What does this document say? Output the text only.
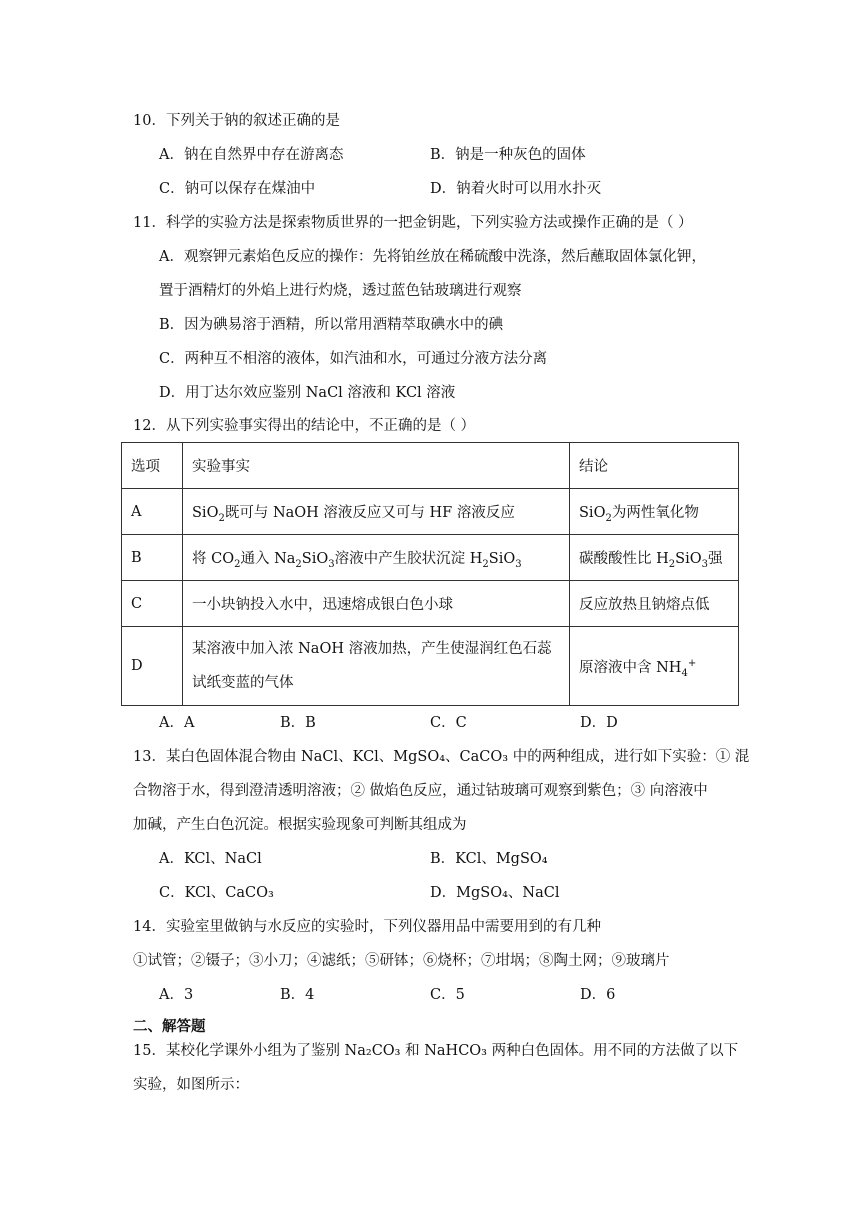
10．下列关于钠的叙述正确的是
A．钠在自然界中存在游离态	B．钠是一种灰色的固体
C．钠可以保存在煤油中	D．钠着火时可以用水扑灭
11．科学的实验方法是探索物质世界的一把金钥匙，下列实验方法或操作正确的是（ ）
A．观察钾元素焰色反应的操作：先将铂丝放在稀硫酸中洗涤，然后蘸取固体氯化钾，
置于酒精灯的外焰上进行灼烧，透过蓝色钴玻璃进行观察
B．因为碘易溶于酒精，所以常用酒精萃取碘水中的碘
C．两种互不相溶的液体，如汽油和水，可通过分液方法分离
D．用丁达尔效应鉴别 NaCl 溶液和 KCl 溶液
12．从下列实验事实得出的结论中，不正确的是（ ）
选项	实验事实	结论
A	SiO$_2$既可与 NaOH 溶液反应又可与 HF 溶液反应	SiO$_2$为两性氧化物
B	将 $CO_2$通入 $Na_2SiO_3$溶液中产生胶状沉淀 $H_2SiO_3$	碳酸酸性比 $H_2SiO_3$强
C	一小块钠投入水中，迅速熔成银白色小球	反应放热且钠熔点低
D	某溶液中加入浓 NaOH 溶液加热，产生使湿润红色石蕊
试纸变蓝的气体	原溶液中含 $NH_4^+$
A．A	B．B	C．C	D．D
13．某白色固体混合物由 NaCl、KCl、MgSO₄、CaCO₃ 中的两种组成，进行如下实验：① 混
合物溶于水，得到澄清透明溶液；② 做焰色反应，通过钴玻璃可观察到紫色；③ 向溶液中
加碱，产生白色沉淀。根据实验现象可判断其组成为
A．KCl、NaCl	B．KCl、MgSO₄
C．KCl、CaCO₃	D．MgSO₄、NaCl
14．实验室里做钠与水反应的实验时，下列仪器用品中需要用到的有几种
①试管；②镊子；③小刀；④滤纸；⑤研钵；⑥烧杯；⑦坩埚；⑧陶土网；⑨玻璃片
A．3	B．4	C．5	D．6
二、解答题
15．某校化学课外小组为了鉴别 Na₂CO₃ 和 NaHCO₃ 两种白色固体。用不同的方法做了以下
实验，如图所示：
